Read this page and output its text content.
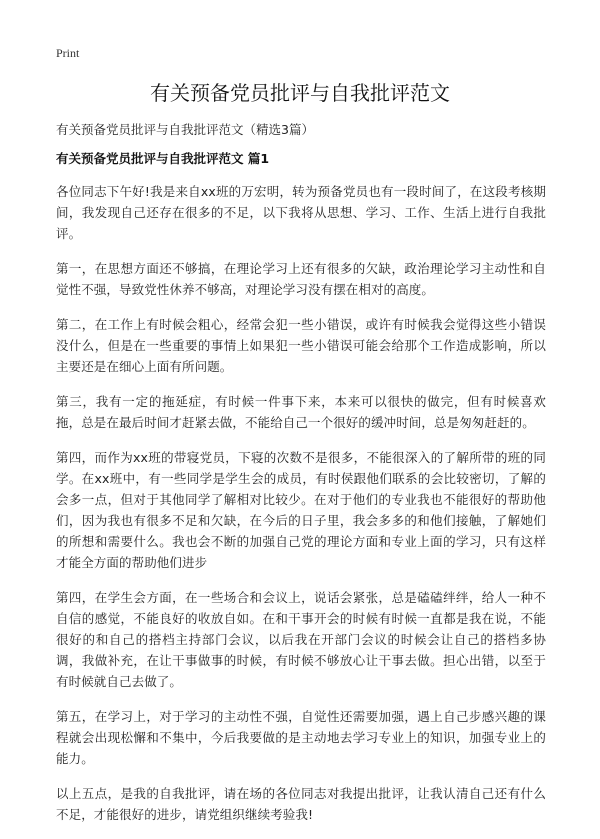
Print
有关预备党员批评与自我批评范文
有关预备党员批评与自我批评范文（精选3篇）
有关预备党员批评与自我批评范文 篇1

各位同志下午好!我是来自xx班的万宏明，转为预备党员也有一段时间了，在这段考核期间，我发现自己还存在很多的不足，以下我将从思想、学习、工作、生活上进行自我批评。

第一，在思想方面还不够搞，在理论学习上还有很多的欠缺，政治理论学习主动性和自觉性不强，导致党性休养不够高，对理论学习没有摆在相对的高度。

第二，在工作上有时候会粗心，经常会犯一些小错误，或许有时候我会觉得这些小错误没什么，但是在一些重要的事情上如果犯一些小错误可能会给那个工作造成影响，所以主要还是在细心上面有所问题。

第三，我有一定的拖延症，有时候一件事下来，本来可以很快的做完，但有时候喜欢拖，总是在最后时间才赶紧去做，不能给自己一个很好的缓冲时间，总是匆匆赶赶的。

第四，而作为xx班的带寝党员，下寝的次数不是很多，不能很深入的了解所带的班的同学。在xx班中，有一些同学是学生会的成员，有时侯跟他们联系的会比较密切，了解的会多一点，但对于其他同学了解相对比较少。在对于他们的专业我也不能很好的帮助他们，因为我也有很多不足和欠缺，在今后的日子里，我会多多的和他们接触，了解她们的所想和需要什么。我也会不断的加强自己党的理论方面和专业上面的学习，只有这样才能全方面的帮助他们进步

第四，在学生会方面，在一些场合和会议上，说话会紧张，总是磕磕绊绊，给人一种不自信的感觉，不能良好的收放自如。在和干事开会的时候有时候一直都是我在说，不能很好的和自己的搭档主持部门会议，以后我在开部门会议的时候会让自己的搭档多协调，我做补充，在让干事做事的时候，有时候不够放心让干事去做。担心出错，以至于有时候就自己去做了。

第五，在学习上，对于学习的主动性不强，自觉性还需要加强，遇上自己步感兴趣的课程就会出现松懈和不集中，今后我要做的是主动地去学习专业上的知识，加强专业上的能力。

以上五点，是我的自我批评，请在场的各位同志对我提出批评，让我认清自己还有什么不足，才能很好的进步，请党组织继续考验我!
